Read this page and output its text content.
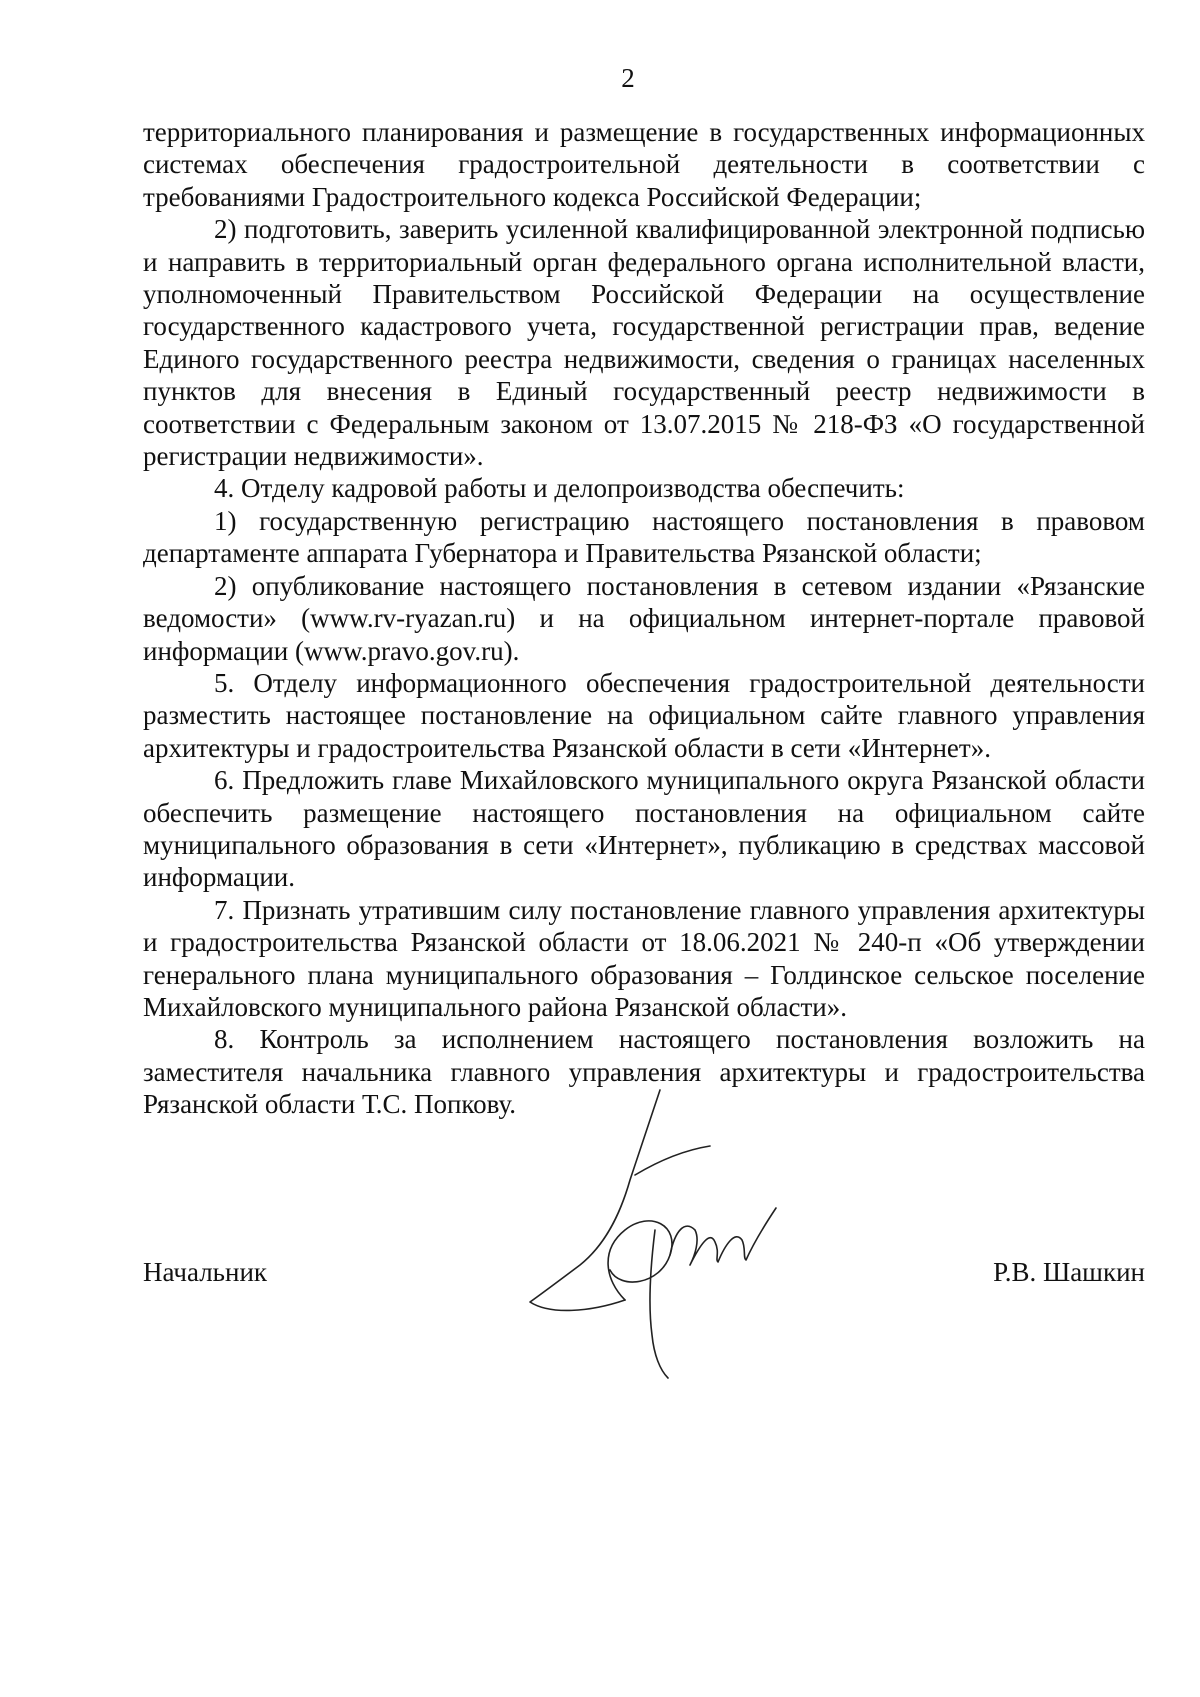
2

территориального планирования и размещение в государственных информационных системах обеспечения градостроительной деятельности в соответствии с требованиями Градостроительного кодекса Российской Федерации;

2) подготовить, заверить усиленной квалифицированной электронной подписью и направить в территориальный орган федерального органа исполнительной власти, уполномоченный Правительством Российской Федерации на осуществление государственного кадастрового учета, государственной регистрации прав, ведение Единого государственного реестра недвижимости, сведения о границах населенных пунктов для внесения в Единый государственный реестр недвижимости в соответствии с Федеральным законом от 13.07.2015 № 218-ФЗ «О государственной регистрации недвижимости».

4. Отделу кадровой работы и делопроизводства обеспечить:

1) государственную регистрацию настоящего постановления в правовом департаменте аппарата Губернатора и Правительства Рязанской области;

2) опубликование настоящего постановления в сетевом издании «Рязанские ведомости» (www.rv-ryazan.ru) и на официальном интернет-портале правовой информации (www.pravo.gov.ru).

5. Отделу информационного обеспечения градостроительной деятельности разместить настоящее постановление на официальном сайте главного управления архитектуры и градостроительства Рязанской области в сети «Интернет».

6. Предложить главе Михайловского муниципального округа Рязанской области обеспечить размещение настоящего постановления на официальном сайте муниципального образования в сети «Интернет», публикацию в средствах массовой информации.

7. Признать утратившим силу постановление главного управления архитектуры и градостроительства Рязанской области от 18.06.2021 № 240-п «Об утверждении генерального плана муниципального образования – Голдинское сельское поселение Михайловского муниципального района Рязанской области».

8. Контроль за исполнением настоящего постановления возложить на заместителя начальника главного управления архитектуры и градостроительства Рязанской области Т.С. Попкову.

Начальник	Р.В. Шашкин
